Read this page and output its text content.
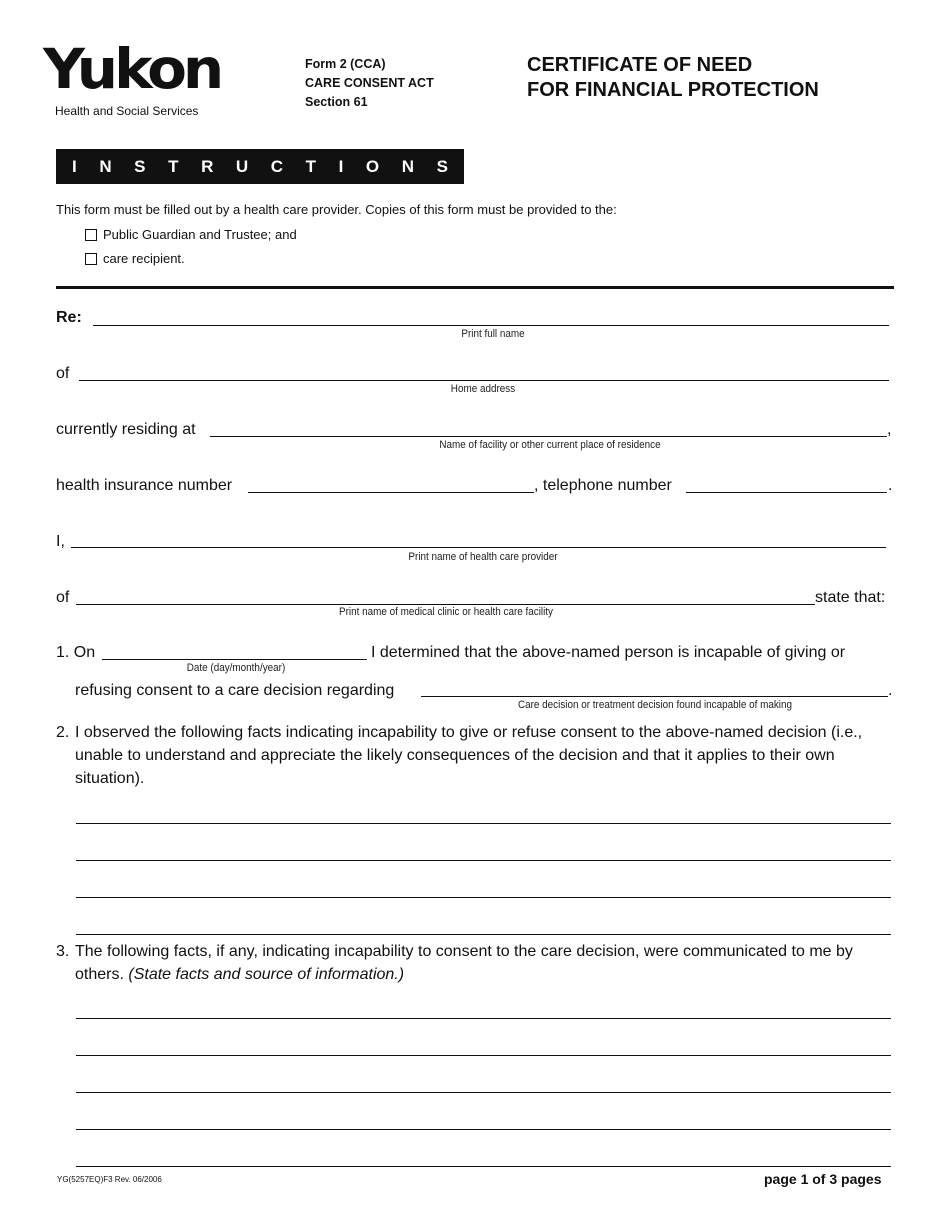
Yukon
Health and Social Services
Form 2 (CCA)
CARE CONSENT ACT
Section 61
CERTIFICATE OF NEED
FOR FINANCIAL PROTECTION
I N S T R U C T I O N S
This form must be filled out by a health care provider. Copies of this form must be provided to the:
Public Guardian and Trustee; and
care recipient.
Re:
Print full name
of
Home address
currently residing at	,
Name of facility or other current place of residence
health insurance number	, telephone number	.
I,
Print name of health care provider
of	state that:
Print name of medical clinic or health care facility
1. On
Date (day/month/year)
I determined that the above-named person is incapable of giving or
refusing consent to a care decision regarding	.
Care decision or treatment decision found incapable of making
2. I observed the following facts indicating incapability to give or refuse consent to the above-named decision (i.e., unable to understand and appreciate the likely consequences of the decision and that it applies to their own situation).
3. The following facts, if any, indicating incapability to consent to the care decision, were communicated to me by others. (State facts and source of information.)
YG(5257EQ)F3 Rev. 06/2006	page 1 of 3 pages
